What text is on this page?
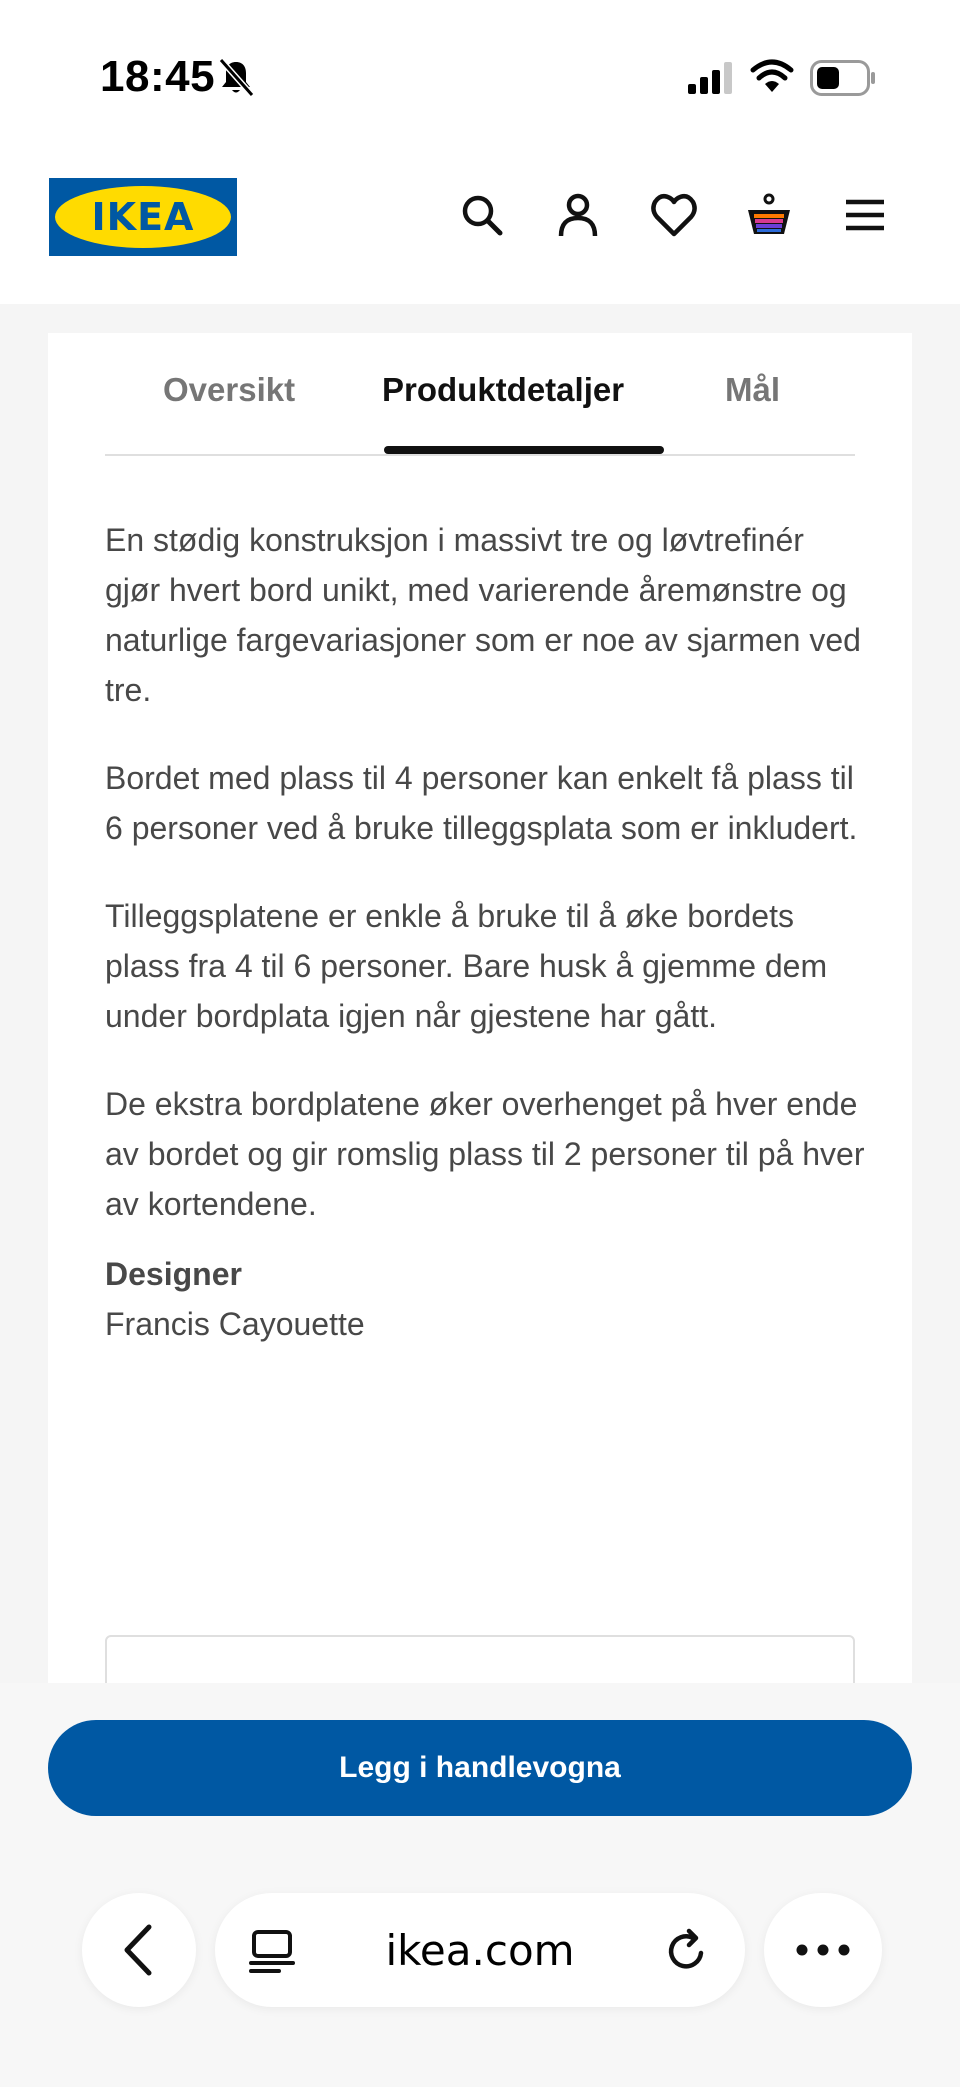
18:45
IKEA
Oversikt	Produktdetaljer	Mål

En stødig konstruksjon i massivt tre og løvtrefinér gjør hvert bord unikt, med varierende åremønstre og naturlige fargevariasjoner som er noe av sjarmen ved tre.

Bordet med plass til 4 personer kan enkelt få plass til 6 personer ved å bruke tilleggsplata som er inkludert.

Tilleggsplatene er enkle å bruke til å øke bordets plass fra 4 til 6 personer. Bare husk å gjemme dem under bordplata igjen når gjestene har gått.

De ekstra bordplatene øker overhenget på hver ende av bordet og gir romslig plass til 2 personer til på hver av kortendene.

Designer
Francis Cayouette
Legg i handlevogna
ikea.com
